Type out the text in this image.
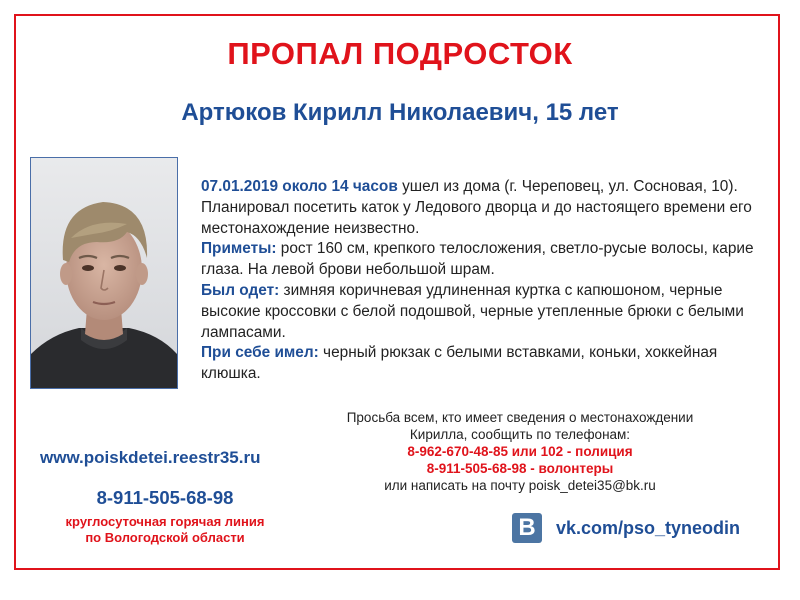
ПРОПАЛ ПОДРОСТОК
Артюков Кирилл Николаевич, 15 лет
07.01.2019 около 14 часов ушел из дома (г. Череповец, ул. Сосновая, 10). Планировал посетить каток у Ледового дворца и до настоящего времени его местонахождение неизвестно.
Приметы: рост 160 см, крепкого телосложения, светло-русые волосы, карие глаза. На левой брови небольшой шрам.
Был одет: зимняя коричневая удлиненная куртка с капюшоном, черные высокие кроссовки с белой подошвой, черные утепленные брюки с белыми лампасами.
При себе имел: черный рюкзак с белыми вставками, коньки, хоккейная клюшка.
Просьба всем, кто имеет сведения о местонахождении
Кирилла, сообщить по телефонам:
8-962-670-48-85 или 102 - полиция
8-911-505-68-98 - волонтеры
или написать на почту poisk_detei35@bk.ru
www.poiskdetei.reestr35.ru
8-911-505-68-98
круглосуточная горячая линия
по Вологодской области	B	vk.com/pso_tyneodin
